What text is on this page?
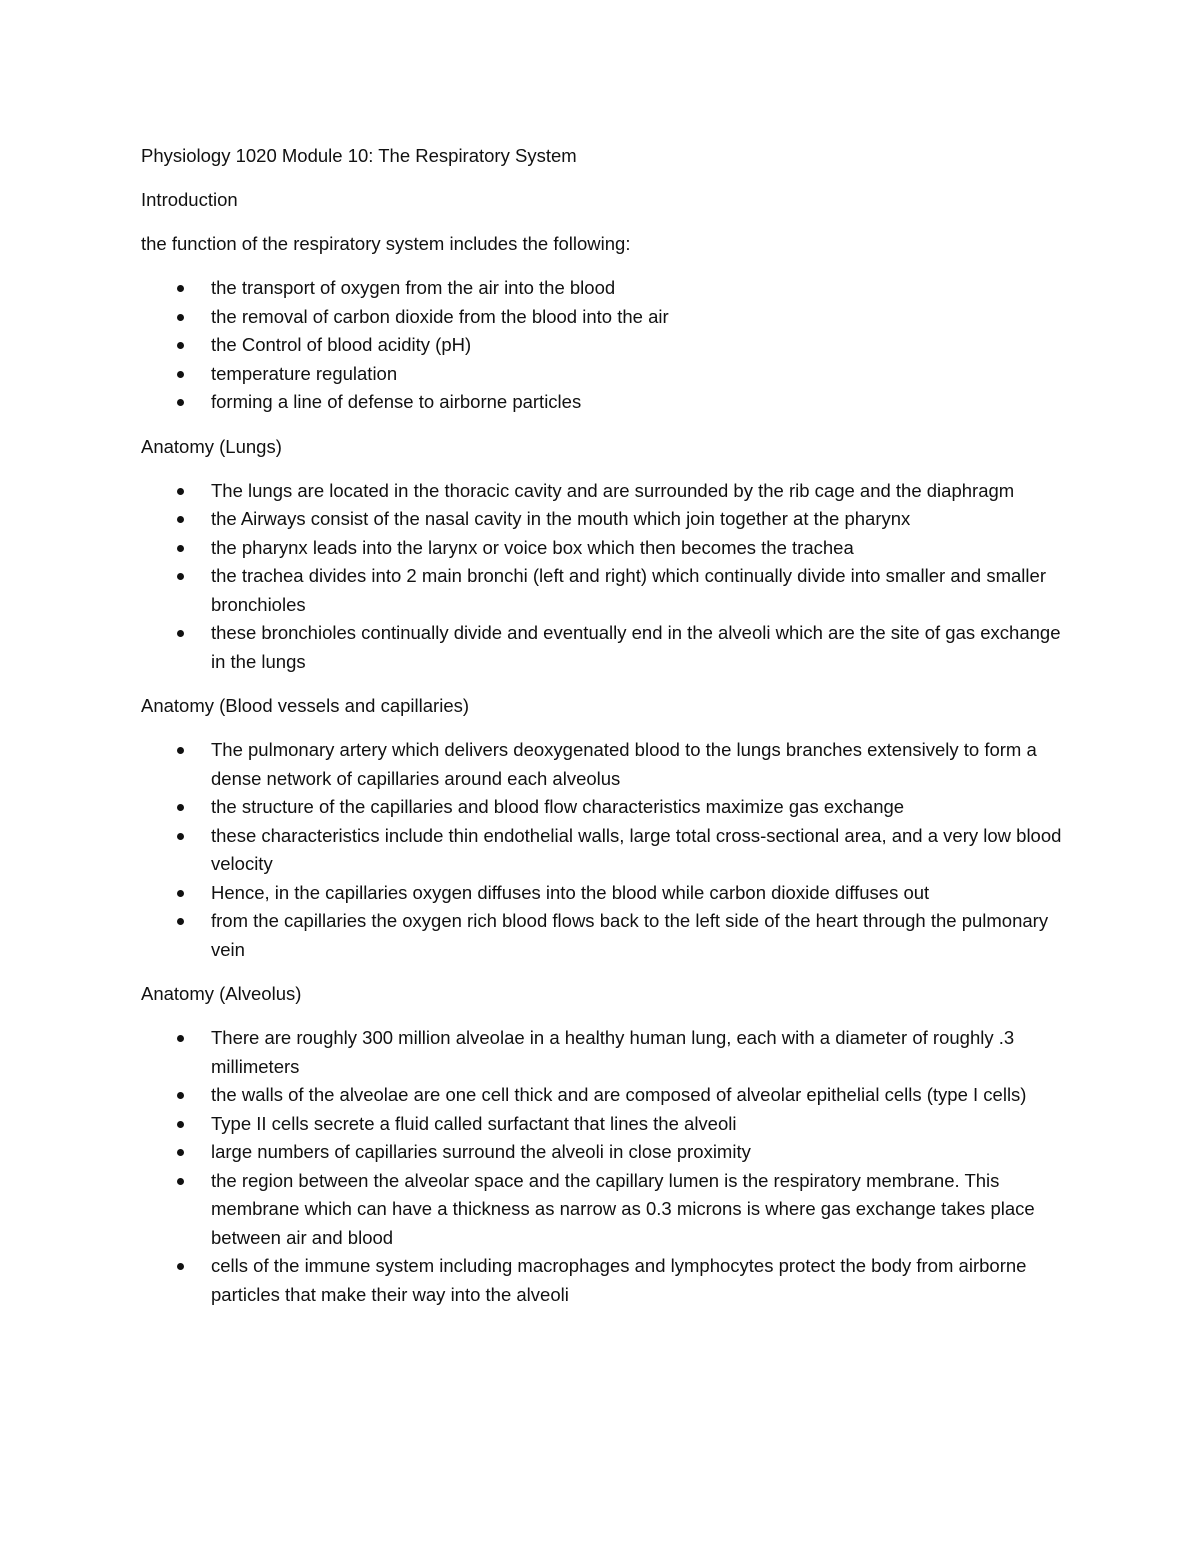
Physiology 1020 Module 10: The Respiratory System
Introduction

the function of the respiratory system includes the following:

the transport of oxygen from the air into the blood
the removal of carbon dioxide from the blood into the air
the Control of blood acidity (pH)
temperature regulation
forming a line of defense to airborne particles
Anatomy (Lungs)
The lungs are located in the thoracic cavity and are surrounded by the rib cage and the diaphragm
the Airways consist of the nasal cavity in the mouth which join together at the pharynx
the pharynx leads into the larynx or voice box which then becomes the trachea
the trachea divides into 2 main bronchi (left and right) which continually divide into smaller and smaller bronchioles
these bronchioles continually divide and eventually end in the alveoli which are the site of gas exchange in the lungs
Anatomy (Blood vessels and capillaries)
The pulmonary artery which delivers deoxygenated blood to the lungs branches extensively to form a dense network of capillaries around each alveolus
the structure of the capillaries and blood flow characteristics maximize gas exchange
these characteristics include thin endothelial walls, large total cross-sectional area, and a very low blood velocity
Hence, in the capillaries oxygen diffuses into the blood while carbon dioxide diffuses out
from the capillaries the oxygen rich blood flows back to the left side of the heart through the pulmonary vein
Anatomy (Alveolus)
There are roughly 300 million alveolae in a healthy human lung, each with a diameter of roughly .3 millimeters
the walls of the alveolae are one cell thick and are composed of alveolar epithelial cells (type I cells)
Type II cells secrete a fluid called surfactant that lines the alveoli
large numbers of capillaries surround the alveoli in close proximity
the region between the alveolar space and the capillary lumen is the respiratory membrane. This membrane which can have a thickness as narrow as 0.3 microns is where gas exchange takes place between air and blood
cells of the immune system including macrophages and lymphocytes protect the body from airborne particles that make their way into the alveoli
